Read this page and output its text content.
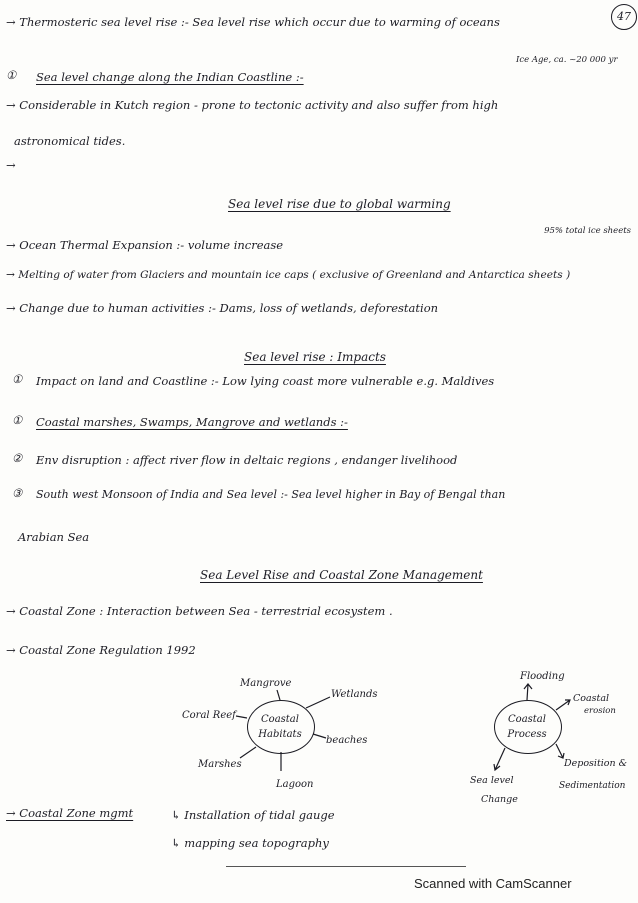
47
→ Thermosteric sea level rise :- Sea level rise which occur due to warming of oceans
Ice Age, ca. ~20 000 yr
① Sea level change along the Indian Coastline :-
→ Considerable in Kutch region - prone to tectonic activity and also suffer from high
astronomical tides.
→
Sea level rise due to global warming
95% total ice sheets
→ Ocean Thermal Expansion :- volume increase
→ Melting of water from Glaciers and mountain ice caps ( exclusive of Greenland and Antarctica sheets )
→ Change due to human activities :- Dams, loss of wetlands, deforestation
Sea level rise : Impacts
① Impact on land and Coastline :- Low lying coast more vulnerable e.g. Maldives
① Coastal marshes, Swamps, Mangrove and wetlands :-
② Env disruption : affect river flow in deltaic regions , endanger livelihood
③ South west Monsoon of India and Sea level :- Sea level higher in Bay of Bengal than
Arabian Sea
Sea Level Rise and Coastal Zone Management
→ Coastal Zone : Interaction between Sea - terrestrial ecosystem .
→ Coastal Zone Regulation 1992
Coastal
Habitats
Mangrove
Wetlands
Coral Reef
beaches
Marshes
Lagoon
Coastal
Process
Flooding
Coastal
erosion
Deposition &
Sedimentation
Sea level
Change
→ Coastal Zone mgmt	↳ Installation of tidal gauge
↳ mapping sea topography
Scanned with CamScanner
